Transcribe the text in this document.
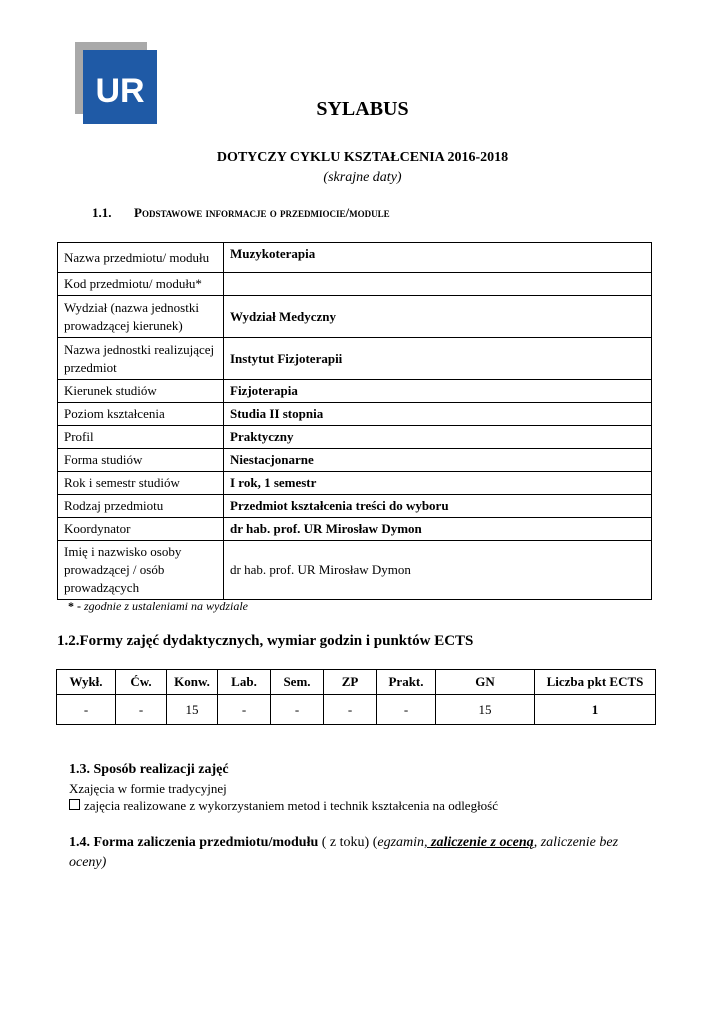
UR	SYLABUS
DOTYCZY CYKLU KSZTAŁCENIA 2016-2018
(skrajne daty)
1.1. Podstawowe informacje o przedmiocie/module
Nazwa przedmiotu/ modułu	Muzykoterapia
Kod przedmiotu/ modułu*	
Wydział (nazwa jednostki prowadzącej kierunek)	Wydział Medyczny
Nazwa jednostki realizującej przedmiot	Instytut Fizjoterapii
Kierunek studiów	Fizjoterapia
Poziom kształcenia	Studia II stopnia
Profil	Praktyczny
Forma studiów	Niestacjonarne
Rok i semestr studiów	I rok, 1 semestr
Rodzaj przedmiotu	Przedmiot kształcenia treści do wyboru
Koordynator	dr hab. prof. UR Mirosław Dymon
Imię i nazwisko osoby prowadzącej / osób prowadzących	dr hab. prof. UR Mirosław Dymon
* - zgodnie z ustaleniami na wydziale
1.2.Formy zajęć dydaktycznych, wymiar godzin i punktów ECTS
Wykł.	Ćw.	Konw.	Lab.	Sem.	ZP	Prakt.	GN	Liczba pkt ECTS
-	-	15	-	-	-	-	15	1
1.3. Sposób realizacji zajęć
Xzajęcia w formie tradycyjnej
zajęcia realizowane z wykorzystaniem metod i technik kształcenia na odległość
1.4. Forma zaliczenia przedmiotu/modułu ( z toku) (egzamin, zaliczenie z oceną, zaliczenie bez oceny)
